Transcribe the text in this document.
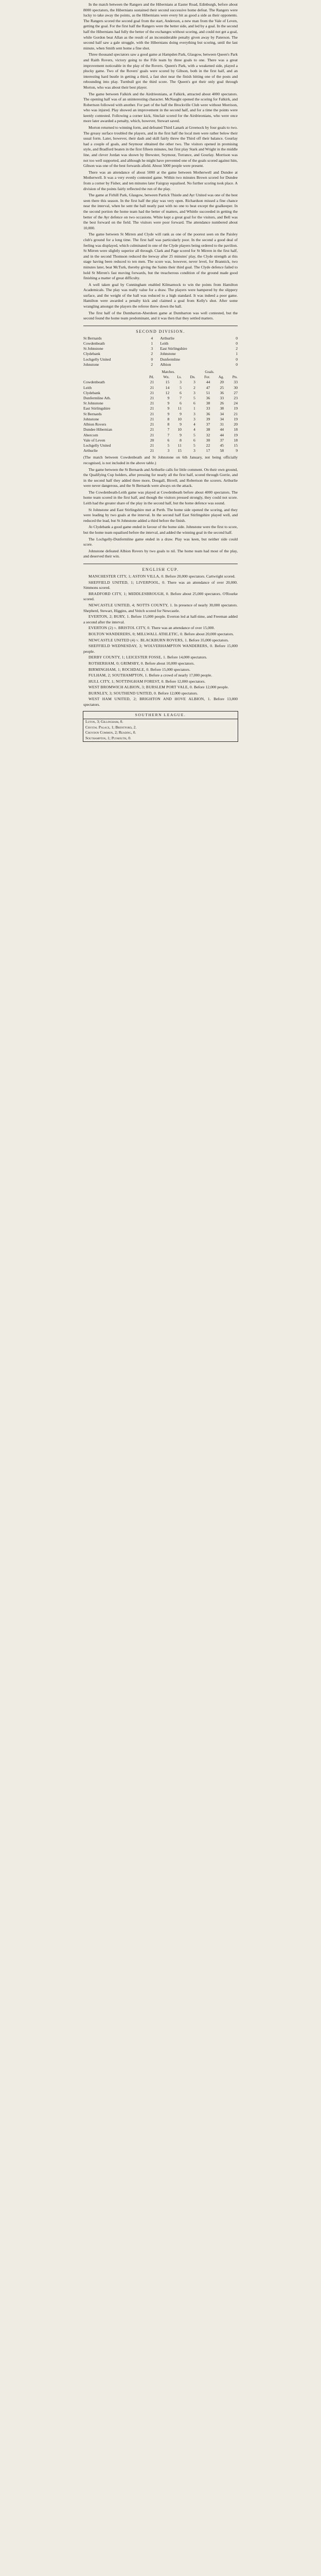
In the match between the Rangers and the Hibernians at Easter Road, Edinburgh, before about 8000 spectators, the Hibernians sustained their second successive home defeat. The Rangers were lucky to take away the points, as the Hibernians were every bit as good a side as their opponents. The Rangers scored the second goal from the start, Anderson, a new man from the Vale of Leven, getting the goal. For the first half the Rangers were the better side, and led by a goal. In the second half the Hibernians had fully the better of the exchanges without scoring, and could not get a goal, while Gordon beat Allan as the result of an inconsiderable penalty given away by Paterson. The second half saw a gale struggle, with the Hibernians doing everything but scoring, until the last minute, when Smith sent home a fine shot.

Three thousand spectators saw a good game at Hampden Park, Glasgow, between Queen's Park and Raith Rovers, victory going to the Fife team by three goals to one. There was a great improvement noticeable in the play of the Rovers. Queen's Park, with a weakened side, played a plucky game. Two of the Rovers' goals were scored by Gibson, both in the first half, and an interesting hard bustle in getting a third, a fast shot near the finish hitting one of the posts and rebounding into play. Turnbull got the third score. The Queen's got their only goal through Morton, who was about their best player.

The game between Falkirk and the Airdrieonians, at Falkirk, attracted about 4000 spectators. The opening half was of an uninteresting character. McNaught opened the scoring for Falkirk, and Robertson followed with another. For part of the half the Brockville Club were without Morrison, who was injured. Play showed an improvement in the second half, and for a time the points were keenly contested. Following a corner kick, Sinclair scored for the Airdrieonians, who were once more later awarded a penalty, which, however, Stewart saved.

Morton returned to winning form, and defeated Third Lanark at Greenock by four goals to two. The greasy surface troubled the players, and in the first half the local men were rather below their usual form. Later, however, their dash and skill fairly threw the Third off their balance. Gourlay had a couple of goals, and Seymour obtained the other two. The visitors opened in promising style, and Bradford beaten in the first fifteen minutes, but first play Stark and Wright in the middle line, and clever Jordan was shown by Brewster, Seymour, Torrance, and Gourlay. Morrison was not too well supported, and although he might have prevented one of the goals scored against him, Gibson was one of the best forwards afield. About 5000 people were present.

There was an attendance of about 5000 at the game between Motherwell and Dundee at Motherwell. It was a very evenly contested game. Within two minutes Brown scored for Dundee from a corner by Fisher, and ten minutes later Fairgray equalised. No further scoring took place. A division of the points fairly reflected the run of the play.

The game at Firhill Park, Glasgow, between Partick Thistle and Ayr United was one of the best seen there this season. In the first half the play was very open. Richardson missed a fine chance near the interval, when he sent the ball neatly past with no one to beat except the goalkeeper. In the second portion the home team had the better of matters, and Whittle succeeded in getting the better of the Ayr defence on two occasions. White kept a great goal for the visitors, and Bell was the best forward on the field. The visitors were poor forward. The attendance numbered about 10,000.

The game between St Mirren and Clyde will rank as one of the poorest seen on the Paisley club's ground for a long time. The first half was particularly poor. In the second a good deal of feeling was displayed, which culminated in one of the Clyde players being ordered to the pavilion. St Mirren were slightly superior all through. Clark and Page scored for St Mirren in the first half, and in the second Thomson reduced the leeway after 25 minutes' play, the Clyde strength at this stage having been reduced to ten men. The score was, however, never level, for Brannick, two minutes later, beat McTurk, thereby giving the Saints their third goal. The Clyde defence failed to hold St Mirren's fast moving forwards, but the treacherous condition of the ground made good finishing a matter of great difficulty.

A well taken goal by Cunningham enabled Kilmarnock to win the points from Hamilton Academicals. The play was really value for a draw. The players were hampered by the slippery surface, and the weight of the ball was reduced to a high standard. It was indeed a poor game. Hamilton were awarded a penalty kick and claimed a goal from Kelly's shot. After some wrangling amongst the players the referee threw down the ball.

The first half of the Dumbarton-Aberdeen game at Dumbarton was well contested, but the second found the home team predominant, and it was then that they settled matters.

SECOND DIVISION.
St Bernards	4	Arthurlie	0
Cowdenbeath	1	Leith	0
St Johnstone	3	East Stirlingshire	2
Clydebank	2	Johnstone	1
Lochgelly United	0	Dunfermline	0
Johnstone	2	Albion	0
	Matches.				Goals.		
	Pd.	Wn.	Ls.	Dn.	For.	Ag.	Pts.
Cowdenbeath	21	15	3	3	44	20	33
Leith	21	14	5	2	47	25	30
Clydebank	21	12	6	3	51	36	27
Dunfermline Ath.	21	9	7	5	36	33	23
St Johnstone	21	9	6	6	38	26	24
East Stirlingshire	21	9	11	1	33	38	19
St Bernards	21	9	9	3	36	34	21
Johnstone	21	8	10	3	39	34	19
Albion Rovers	21	8	9	4	37	31	20
Dundee Hibernian	21	7	10	4	38	44	18
Abercorn	21	7	9	5	32	44	19
Vale of Leven	20	6	8	6	30	37	18
Lochgelly United	21	5	11	5	22	45	15
Arthurlie	21	3	15	3	17	58	9

(The match between Cowdenbeath and St Johnstone on 6th January, not being officially recognised, is not included in the above table.)

The game between the St Bernards and Arthurlie calls for little comment. On their own ground, the Qualifying Cup holders, after pressing for nearly all the first half, scored through Gorrie, and in the second half they added three more, Dougall, Birrell, and Robertson the scorers. Arthurlie were never dangerous, and the St Bernards were always on the attack.

The Cowdenbeath-Leith game was played at Cowdenbeath before about 4000 spectators. The home team scored in the first half, and though the visitors pressed strongly, they could not score. Leith had the greater share of the play in the second half, but the home defence was sound.

St Johnstone and East Stirlingshire met at Perth. The home side opened the scoring, and they were leading by two goals at the interval. In the second half East Stirlingshire played well, and reduced the lead, but St Johnstone added a third before the finish.

At Clydebank a good game ended in favour of the home side. Johnstone were the first to score, but the home team equalised before the interval, and added the winning goal in the second half.

The Lochgelly-Dunfermline game ended in a draw. Play was keen, but neither side could score.

Johnstone defeated Albion Rovers by two goals to nil. The home team had most of the play, and deserved their win.

ENGLISH CUP.

MANCHESTER CITY, 1; ASTON VILLA, 0. Before 20,000 spectators. Cartwright scored.

SHEFFIELD UNITED, 1; LIVERPOOL, 0. There was an attendance of over 20,000. Simmons scored.

BRADFORD CITY, 1; MIDDLESBROUGH, 0. Before about 25,000 spectators. O'Rourke scored.

NEWCASTLE UNITED, 4; NOTTS COUNTY, 1. In presence of nearly 30,000 spectators. Shepherd, Stewart, Higgins, and Veitch scored for Newcastle.

EVERTON, 2; BURY, 1. Before 15,000 people. Everton led at half-time, and Freeman added a second after the interval.

EVERTON (2) v. BRISTOL CITY, 0. There was an attendance of over 15,000.

BOLTON WANDERERS, 0; MILLWALL ATHLETIC, 0. Before about 20,000 spectators.

NEWCASTLE UNITED (4) v. BLACKBURN ROVERS, 1. Before 35,000 spectators.

SHEFFIELD WEDNESDAY, 3; WOLVERHAMPTON WANDERERS, 0. Before 15,000 people.

DERBY COUNTY, 1; LEICESTER FOSSE, 1. Before 14,000 spectators.

ROTHERHAM, 0; GRIMSBY, 0. Before about 10,000 spectators.

BIRMINGHAM, 1; ROCHDALE, 0. Before 15,000 spectators.

FULHAM, 2; SOUTHAMPTON, 1. Before a crowd of nearly 17,000 people.

HULL CITY, 1; NOTTINGHAM FOREST, 0. Before 12,000 spectators.

WEST BROMWICH ALBION, 3; BURSLEM PORT VALE, 0. Before 12,000 people.

BURNLEY, 3; SOUTHEND UNITED, 0. Before 12,000 spectators.

WEST HAM UNITED, 2; BRIGHTON AND HOVE ALBION, 1. Before 13,000 spectators.

SOUTHERN LEAGUE.
Luton, 3; Gillingham, 0.
Crystal Palace, 1; Brentford, 2.
Croydon Common, 2; Reading, 0.
Southampton, 1; Plymouth, 0.
